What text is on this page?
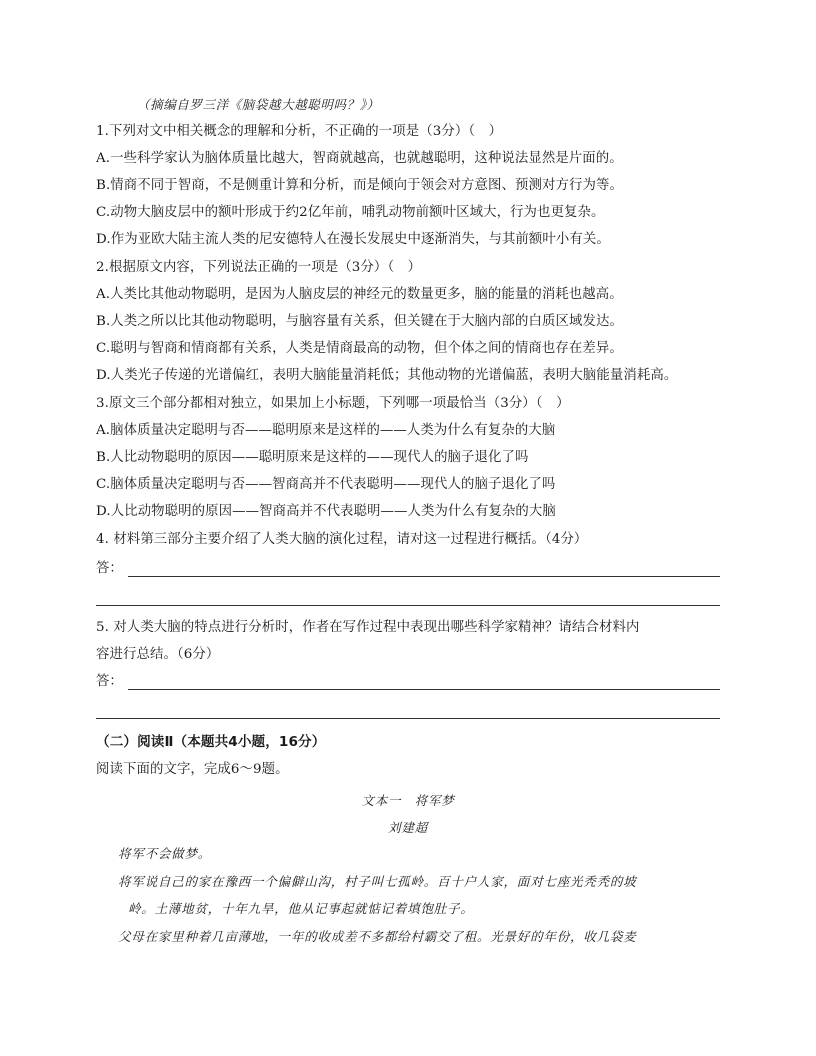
（摘编自罗三洋《脑袋越大越聪明吗？》）
1.下列对文中相关概念的理解和分析，不正确的一项是（3分）（　）
A.一些科学家认为脑体质量比越大，智商就越高，也就越聪明，这种说法显然是片面的。
B.情商不同于智商，不是侧重计算和分析，而是倾向于领会对方意图、预测对方行为等。
C.动物大脑皮层中的额叶形成于约2亿年前，哺乳动物前额叶区域大，行为也更复杂。
D.作为亚欧大陆主流人类的尼安德特人在漫长发展史中逐渐消失，与其前额叶小有关。
2.根据原文内容，下列说法正确的一项是（3分）（　）
A.人类比其他动物聪明，是因为人脑皮层的神经元的数量更多，脑的能量的消耗也越高。
B.人类之所以比其他动物聪明，与脑容量有关系，但关键在于大脑内部的白质区域发达。
C.聪明与智商和情商都有关系，人类是情商最高的动物，但个体之间的情商也存在差异。
D.人类光子传递的光谱偏红，表明大脑能量消耗低；其他动物的光谱偏蓝，表明大脑能量消耗高。
3.原文三个部分都相对独立，如果加上小标题，下列哪一项最恰当（3分）（　）
A.脑体质量决定聪明与否——聪明原来是这样的——人类为什么有复杂的大脑
B.人比动物聪明的原因——聪明原来是这样的——现代人的脑子退化了吗
C.脑体质量决定聪明与否——智商高并不代表聪明——现代人的脑子退化了吗
D.人比动物聪明的原因——智商高并不代表聪明——人类为什么有复杂的大脑
4. 材料第三部分主要介绍了人类大脑的演化过程，请对这一过程进行概括。（4分）
答：
5. 对人类大脑的特点进行分析时，作者在写作过程中表现出哪些科学家精神？请结合材料内
容进行总结。（6分）
答：
（二）阅读Ⅱ（本题共4小题，16分）
阅读下面的文字，完成6～9题。
文本一　将军梦
刘建超
将军不会做梦。
将军说自己的家在豫西一个偏僻山沟，村子叫七孤岭。百十户人家，面对七座光秃秃的坡
岭。土薄地贫，十年九旱，他从记事起就惦记着填饱肚子。
父母在家里种着几亩薄地，一年的收成差不多都给村霸交了租。光景好的年份，收几袋麦
